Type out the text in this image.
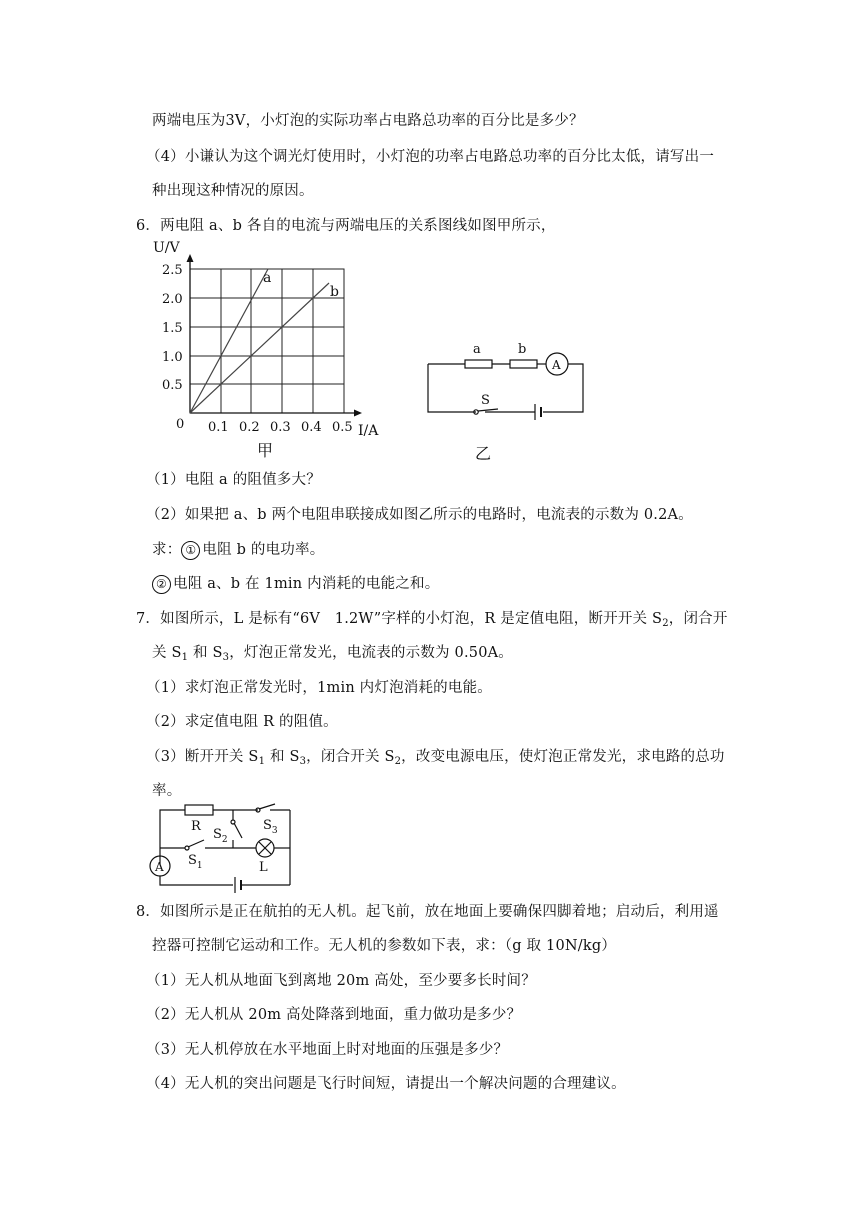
两端电压为3V，小灯泡的实际功率占电路总功率的百分比是多少？
（4）小谦认为这个调光灯使用时，小灯泡的功率占电路总功率的百分比太低，请写出一
种出现这种情况的原因。
6．两电阻 a、b 各自的电流与两端电压的关系图线如图甲所示，
U/V
I/A
0
2.5
2.0
1.5
1.0
0.5
0.1 0.2 0.3 0.4 0.5
a
b
甲
a	b
A
S
乙
（1）电阻 a 的阻值多大？
（2）如果把 a、b 两个电阻串联接成如图乙所示的电路时，电流表的示数为 0.2A。
求： ① 电阻 b 的电功率。
② 电阻 a、b 在 1min 内消耗的电能之和。
7．如图所示，L 是标有“6V　1.2W”字样的小灯泡，R 是定值电阻，断开开关 $S_2$，闭合开
关 $S_1$ 和 $S_3$，灯泡正常发光，电流表的示数为 0.50A。
（1）求灯泡正常发光时，1min 内灯泡消耗的电能。
（2）求定值电阻 R 的阻值。
（3）断开开关 $S_1$ 和 $S_3$，闭合开关 $S_2$，改变电源电压，使灯泡正常发光，求电路的总功
率。
R
$S_2$
$S_3$
$S_1$	L
A
8．如图所示是正在航拍的无人机。起飞前，放在地面上要确保四脚着地；启动后，利用遥
控器可控制它运动和工作。无人机的参数如下表，求：（g 取 10N/kg）
（1）无人机从地面飞到离地 20m 高处，至少要多长时间？
（2）无人机从 20m 高处降落到地面，重力做功是多少？
（3）无人机停放在水平地面上时对地面的压强是多少？
（4）无人机的突出问题是飞行时间短，请提出一个解决问题的合理建议。
